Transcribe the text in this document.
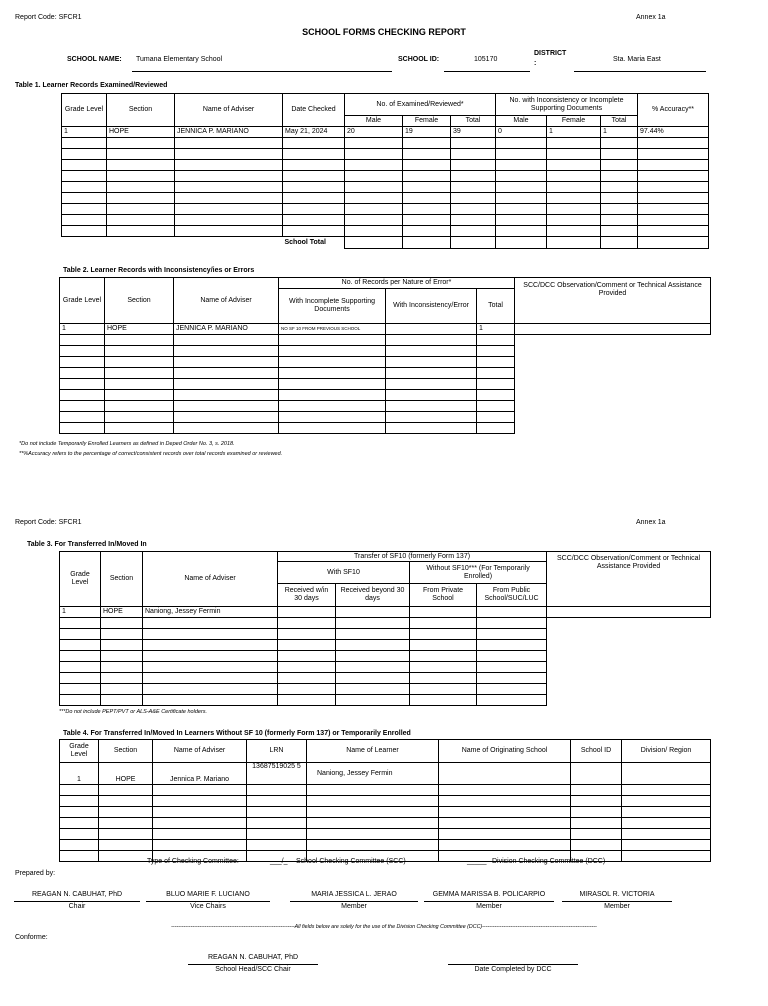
Report Code: SFCR1	Annex 1a
SCHOOL FORMS CHECKING REPORT
SCHOOL NAME: Tumana Elementary School	SCHOOL ID:	105170
DISTRICT
:
Sta. Maria East
Table 1. Learner Records Examined/Reviewed
Grade Level	Section	Name of Adviser	Date Checked	No. of Examined/Reviewed*			No. with Inconsistency or Incomplete Supporting Documents			% Accuracy**
				Male	Female	Total	Male	Female	Total	
1	HOPE	JENNICA P. MARIANO	May 21, 2024	20	19	39	0	1	1	97.44%

			School Total							
Table 2. Learner Records with Inconsistency/ies or Errors
Grade Level	Section	Name of Adviser	No. of Records per Nature of Error*			SCC/DCC Observation/Comment or Technical Assistance Provided
			With Incomplete Supporting Documents	With Inconsistency/Error	Total	
1	HOPE	JENNICA P. MARIANO	NO SF 10 FROM PREVIOUS SCHOOL		1	

*Do not include Temporarily Enrolled Learners as defined in Deped Order No. 3, s. 2018.
**%Accuracy refers to the percentage of correct/consistent records over total records examined or reviewed.
Report Code: SFCR1	Annex 1a
Table 3. For Transferred In/Moved In
Grade Level	Section	Name of Adviser	Transfer of SF10 (formerly Form 137)				SCC/DCC Observation/Comment or Technical Assistance Provided
			With SF10		Without SF10*** (For Temporarily Enrolled)		
			Received w/in 30 days	Received beyond 30 days	From Private School	From Public School/SUC/LUC	
1	HOPE	Naniong, Jessey Fermin					

***Do not include PEPT/PVT or ALS-A&E Certificate holders.
Table 4. For Transferred In/Moved In Learners Without SF 10 (formerly Form 137) or Temporarily Enrolled
Grade Level	Section	Name of Adviser	LRN	Name of Learner	Name of Originating School	School ID	Division/ Region
1	HOPE	Jennica P. Mariano	13687519025 5	Naniong, Jessey Fermin			

Type of Checking Committee:	___/_ School Checking Committee (SCC)	_____ Division Checking Committee (DCC)
Prepared by:
REAGAN N. CABUHAT, PhD
Chair
BLUO MARIE F. LUCIANO
Vice Chairs
MARIA JESSICA L. JERAO
Member
GEMMA MARISSA B. POLICARPIO
Member
MIRASOL R. VICTORIA
Member
----------------------------------------------------------------------All fields below are solely for the use of the Division Checking Committee (DCC)-----------------------------------------------------------------
Conforme:
REAGAN N. CABUHAT, PhD
School Head/SCC Chair	Date Completed by DCC
